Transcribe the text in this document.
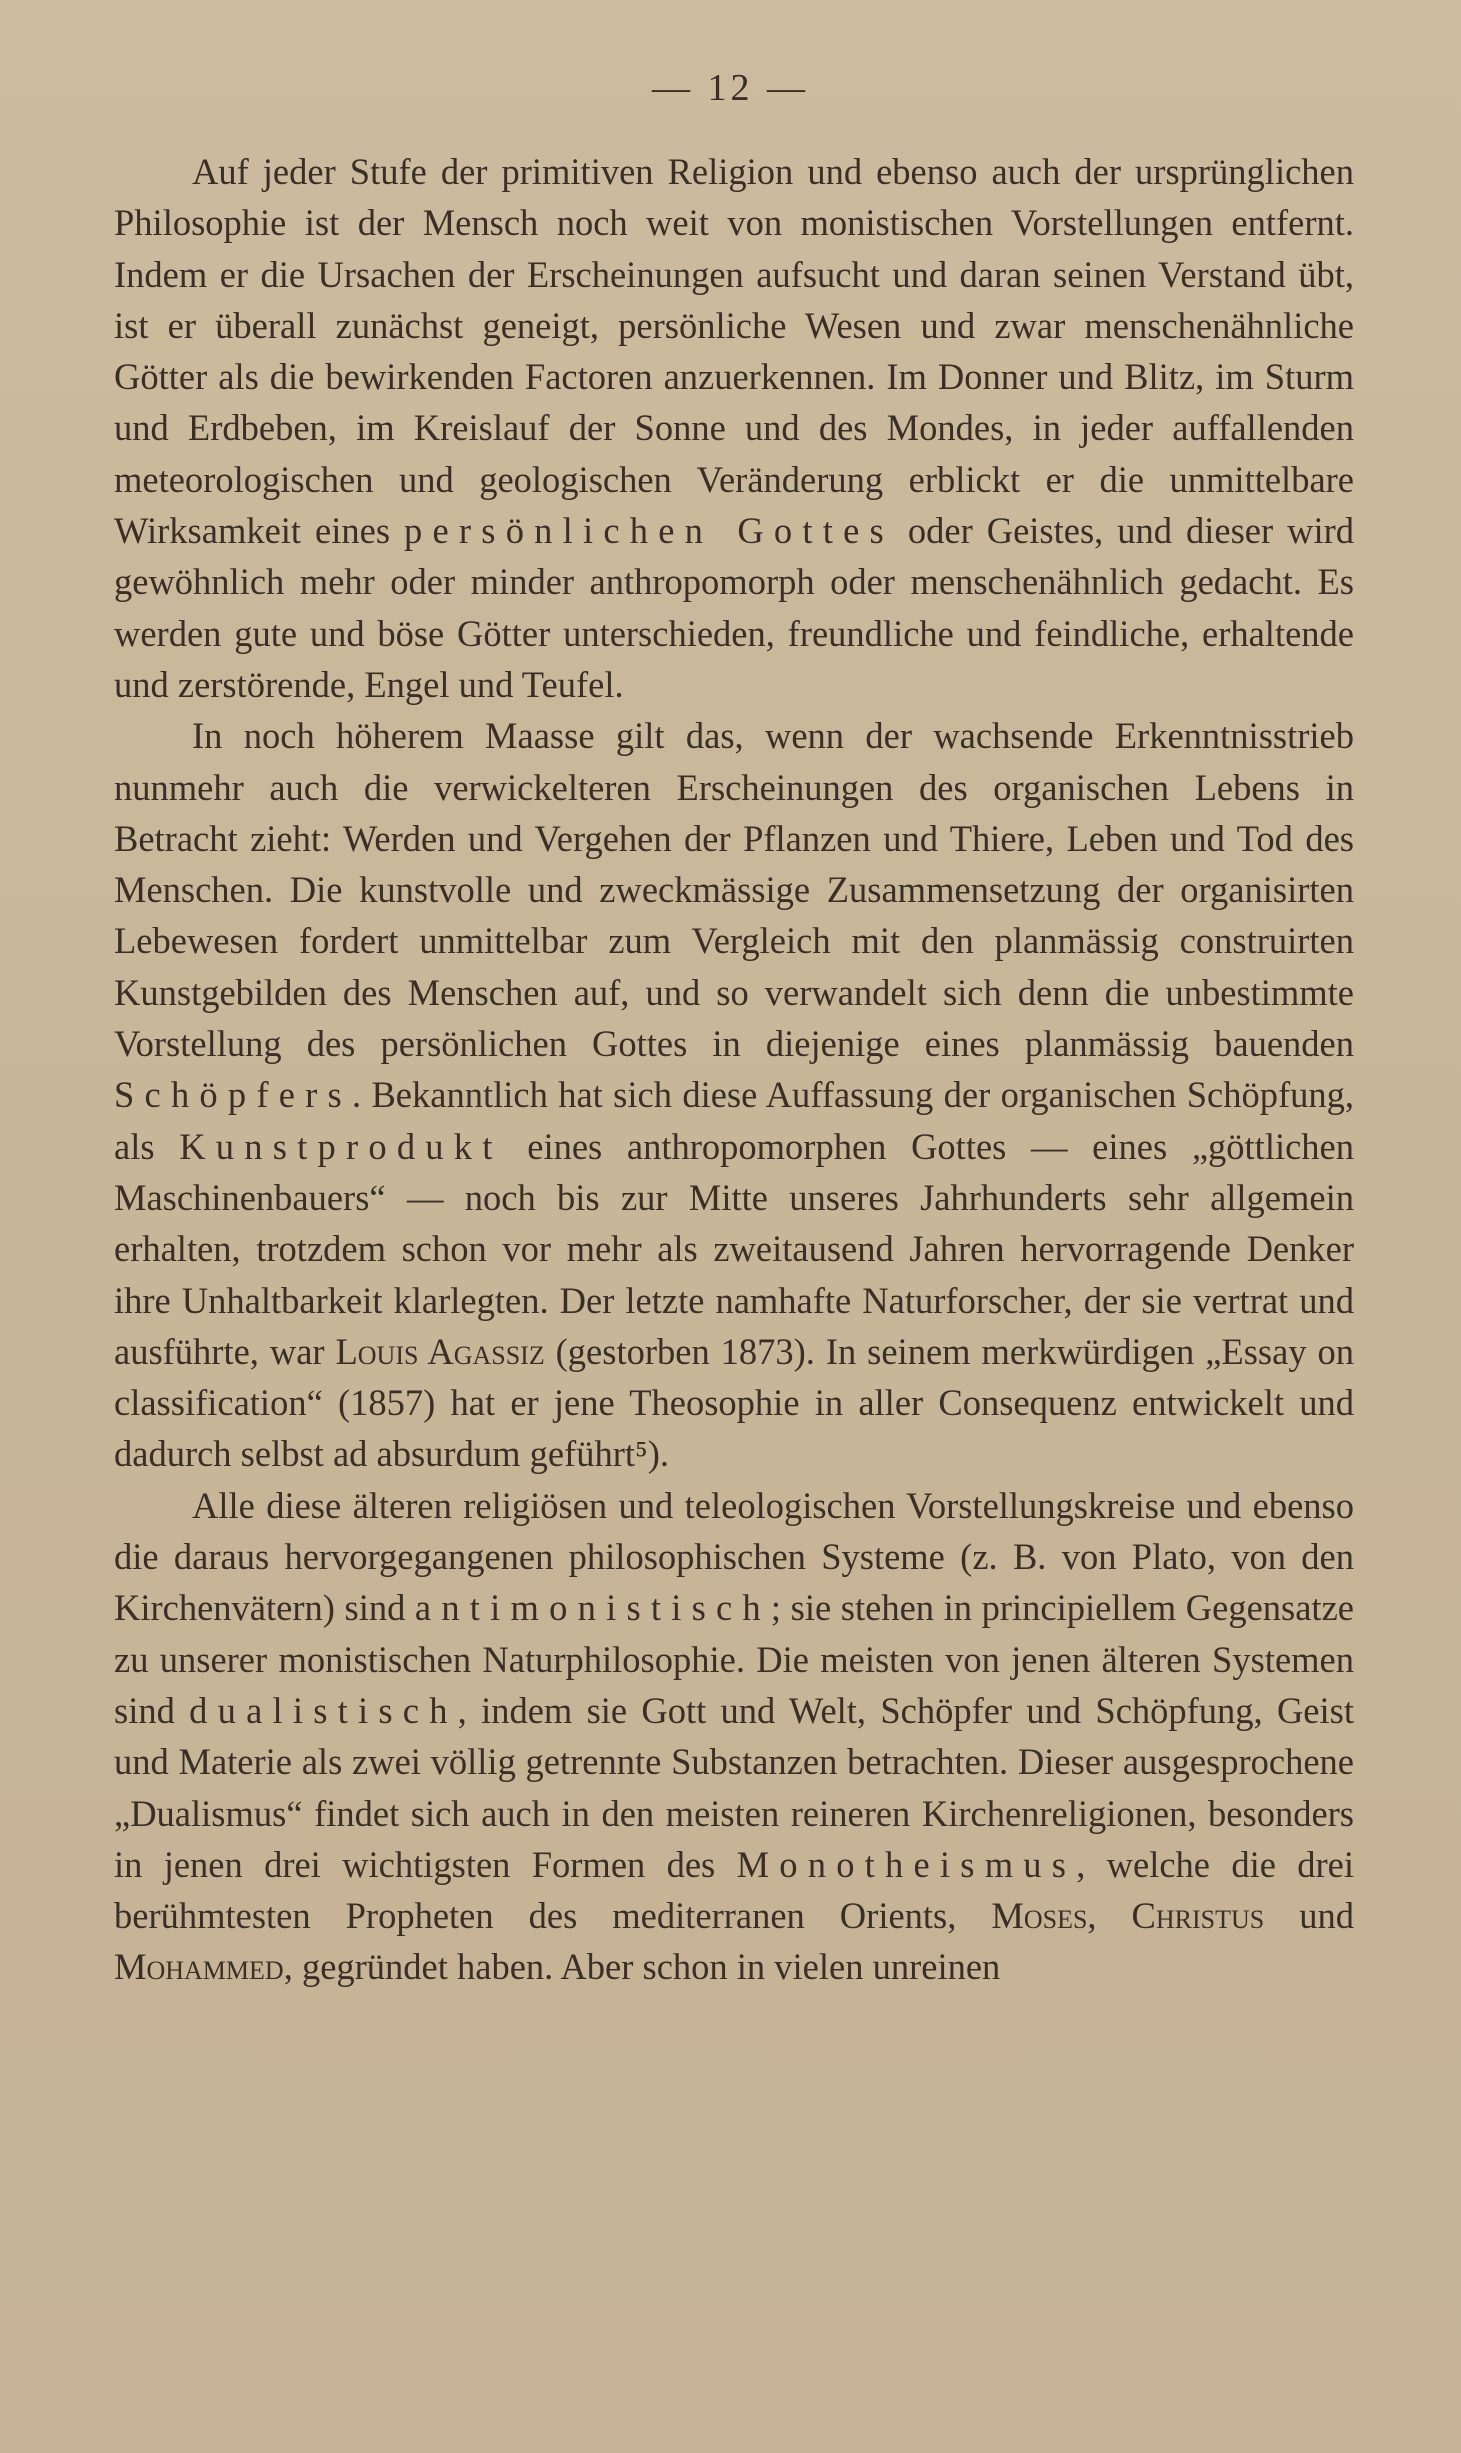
— 12 —

Auf jeder Stufe der primitiven Religion und ebenso auch der ursprünglichen Philosophie ist der Mensch noch weit von monistischen Vorstellungen entfernt. Indem er die Ursachen der Erscheinungen aufsucht und daran seinen Verstand übt, ist er überall zunächst geneigt, persönliche Wesen und zwar menschenähnliche Götter als die bewirkenden Factoren anzuerkennen. Im Donner und Blitz, im Sturm und Erdbeben, im Kreislauf der Sonne und des Mondes, in jeder auffallenden meteorologischen und geologischen Veränderung erblickt er die unmittelbare Wirksamkeit eines persönlichen Gottes oder Geistes, und dieser wird gewöhnlich mehr oder minder anthropomorph oder menschenähnlich gedacht. Es werden gute und böse Götter unterschieden, freundliche und feindliche, erhaltende und zerstörende, Engel und Teufel.

In noch höherem Maasse gilt das, wenn der wachsende Erkenntnisstrieb nunmehr auch die verwickelteren Erscheinungen des organischen Lebens in Betracht zieht: Werden und Vergehen der Pflanzen und Thiere, Leben und Tod des Menschen. Die kunstvolle und zweckmässige Zusammensetzung der organisirten Lebewesen fordert unmittelbar zum Vergleich mit den planmässig construirten Kunstgebilden des Menschen auf, und so verwandelt sich denn die unbestimmte Vorstellung des persönlichen Gottes in diejenige eines planmässig bauenden Schöpfers. Bekanntlich hat sich diese Auffassung der organischen Schöpfung, als Kunstprodukt eines anthropomorphen Gottes — eines „göttlichen Maschinenbauers“ — noch bis zur Mitte unseres Jahrhunderts sehr allgemein erhalten, trotzdem schon vor mehr als zweitausend Jahren hervorragende Denker ihre Unhaltbarkeit klarlegten. Der letzte namhafte Naturforscher, der sie vertrat und ausführte, war Louis Agassiz (gestorben 1873). In seinem merkwürdigen „Essay on classification“ (1857) hat er jene Theosophie in aller Consequenz entwickelt und dadurch selbst ad absurdum geführt⁵).

Alle diese älteren religiösen und teleologischen Vorstellungskreise und ebenso die daraus hervorgegangenen philosophischen Systeme (z. B. von Plato, von den Kirchenvätern) sind antimonistisch; sie stehen in principiellem Gegensatze zu unserer monistischen Naturphilosophie. Die meisten von jenen älteren Systemen sind dualistisch, indem sie Gott und Welt, Schöpfer und Schöpfung, Geist und Materie als zwei völlig getrennte Substanzen betrachten. Dieser ausgesprochene „Dualismus“ findet sich auch in den meisten reineren Kirchenreligionen, besonders in jenen drei wichtigsten Formen des Monotheismus, welche die drei berühmtesten Propheten des mediterranen Orients, Moses, Christus und Mohammed, gegründet haben. Aber schon in vielen unreinen
